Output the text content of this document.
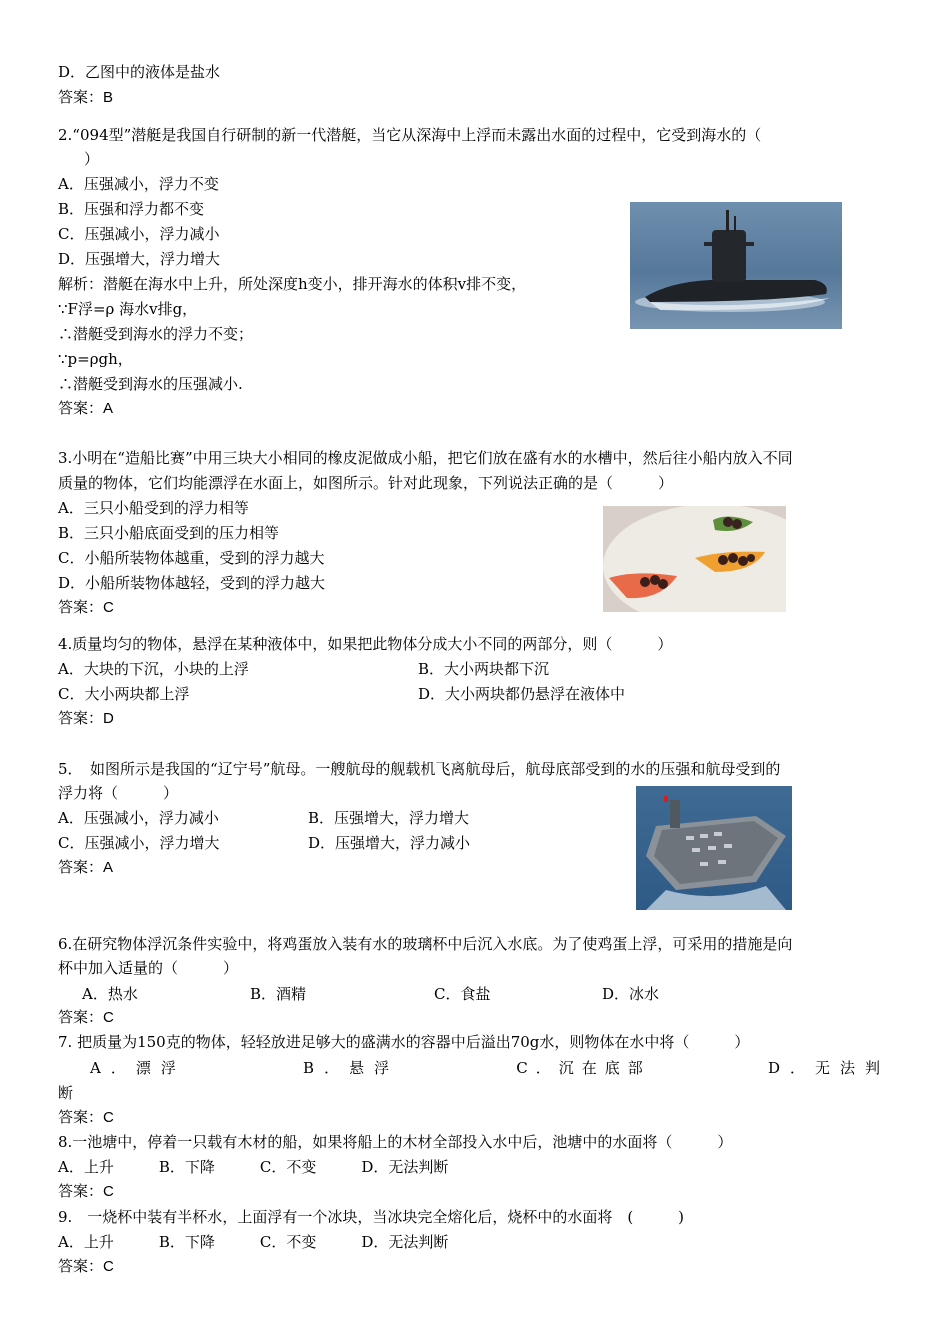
D．乙图中的液体是盐水
答案：B
2.“094型”潜艇是我国自行研制的新一代潜艇，当它从深海中上浮而未露出水面的过程中，它受到海水的（
）
A．压强减小，浮力不变
B．压强和浮力都不变
C．压强减小，浮力减小
D．压强增大，浮力增大
解析：潜艇在海水中上升，所处深度h变小，排开海水的体积v排不变，
∵F浮=ρ 海水v排g，
∴潜艇受到海水的浮力不变；
∵p=ρgh，
∴潜艇受到海水的压强减小.
答案：A
3.小明在“造船比赛”中用三块大小相同的橡皮泥做成小船，把它们放在盛有水的水槽中，然后往小船内放入不同
质量的物体，它们均能漂浮在水面上，如图所示。针对此现象，下列说法正确的是（　　　）
A．三只小船受到的浮力相等
B．三只小船底面受到的压力相等
C．小船所装物体越重，受到的浮力越大
D．小船所装物体越轻，受到的浮力越大
答案：C
4.质量均匀的物体，悬浮在某种液体中，如果把此物体分成大小不同的两部分，则（　　　）
A．大块的下沉，小块的上浮	B．大小两块都下沉
C．大小两块都上浮	D．大小两块都仍悬浮在液体中
答案：D
5．　如图所示是我国的“辽宁号”航母。一艘航母的舰载机飞离航母后，航母底部受到的水的压强和航母受到的
浮力将（　　　）
A．压强减小，浮力减小	B．压强增大，浮力增大
C．压强减小，浮力增大	D．压强增大，浮力减小
答案：A
6.在研究物体浮沉条件实验中，将鸡蛋放入装有水的玻璃杯中后沉入水底。为了使鸡蛋上浮，可采用的措施是向
杯中加入适量的（　　　）
A．热水	B．酒精	C．食盐	D．冰水
答案：C
7. 把质量为150克的物体，轻轻放进足够大的盛满水的容器中后溢出70g水，则物体在水中将（　　　）
A．漂浮	B．悬浮	C．沉在底部	D．无法判
断
答案：C
8.一池塘中，停着一只载有木材的船，如果将船上的木材全部投入水中后，池塘中的水面将（　　　）
A．上升　　　B．下降　　　C．不变　　　D．无法判断
答案：C
9.　一烧杯中装有半杯水，上面浮有一个冰块，当冰块完全熔化后，烧杯中的水面将　(　　　)
A．上升　　　B．下降　　　C．不变　　　D．无法判断
答案：C
